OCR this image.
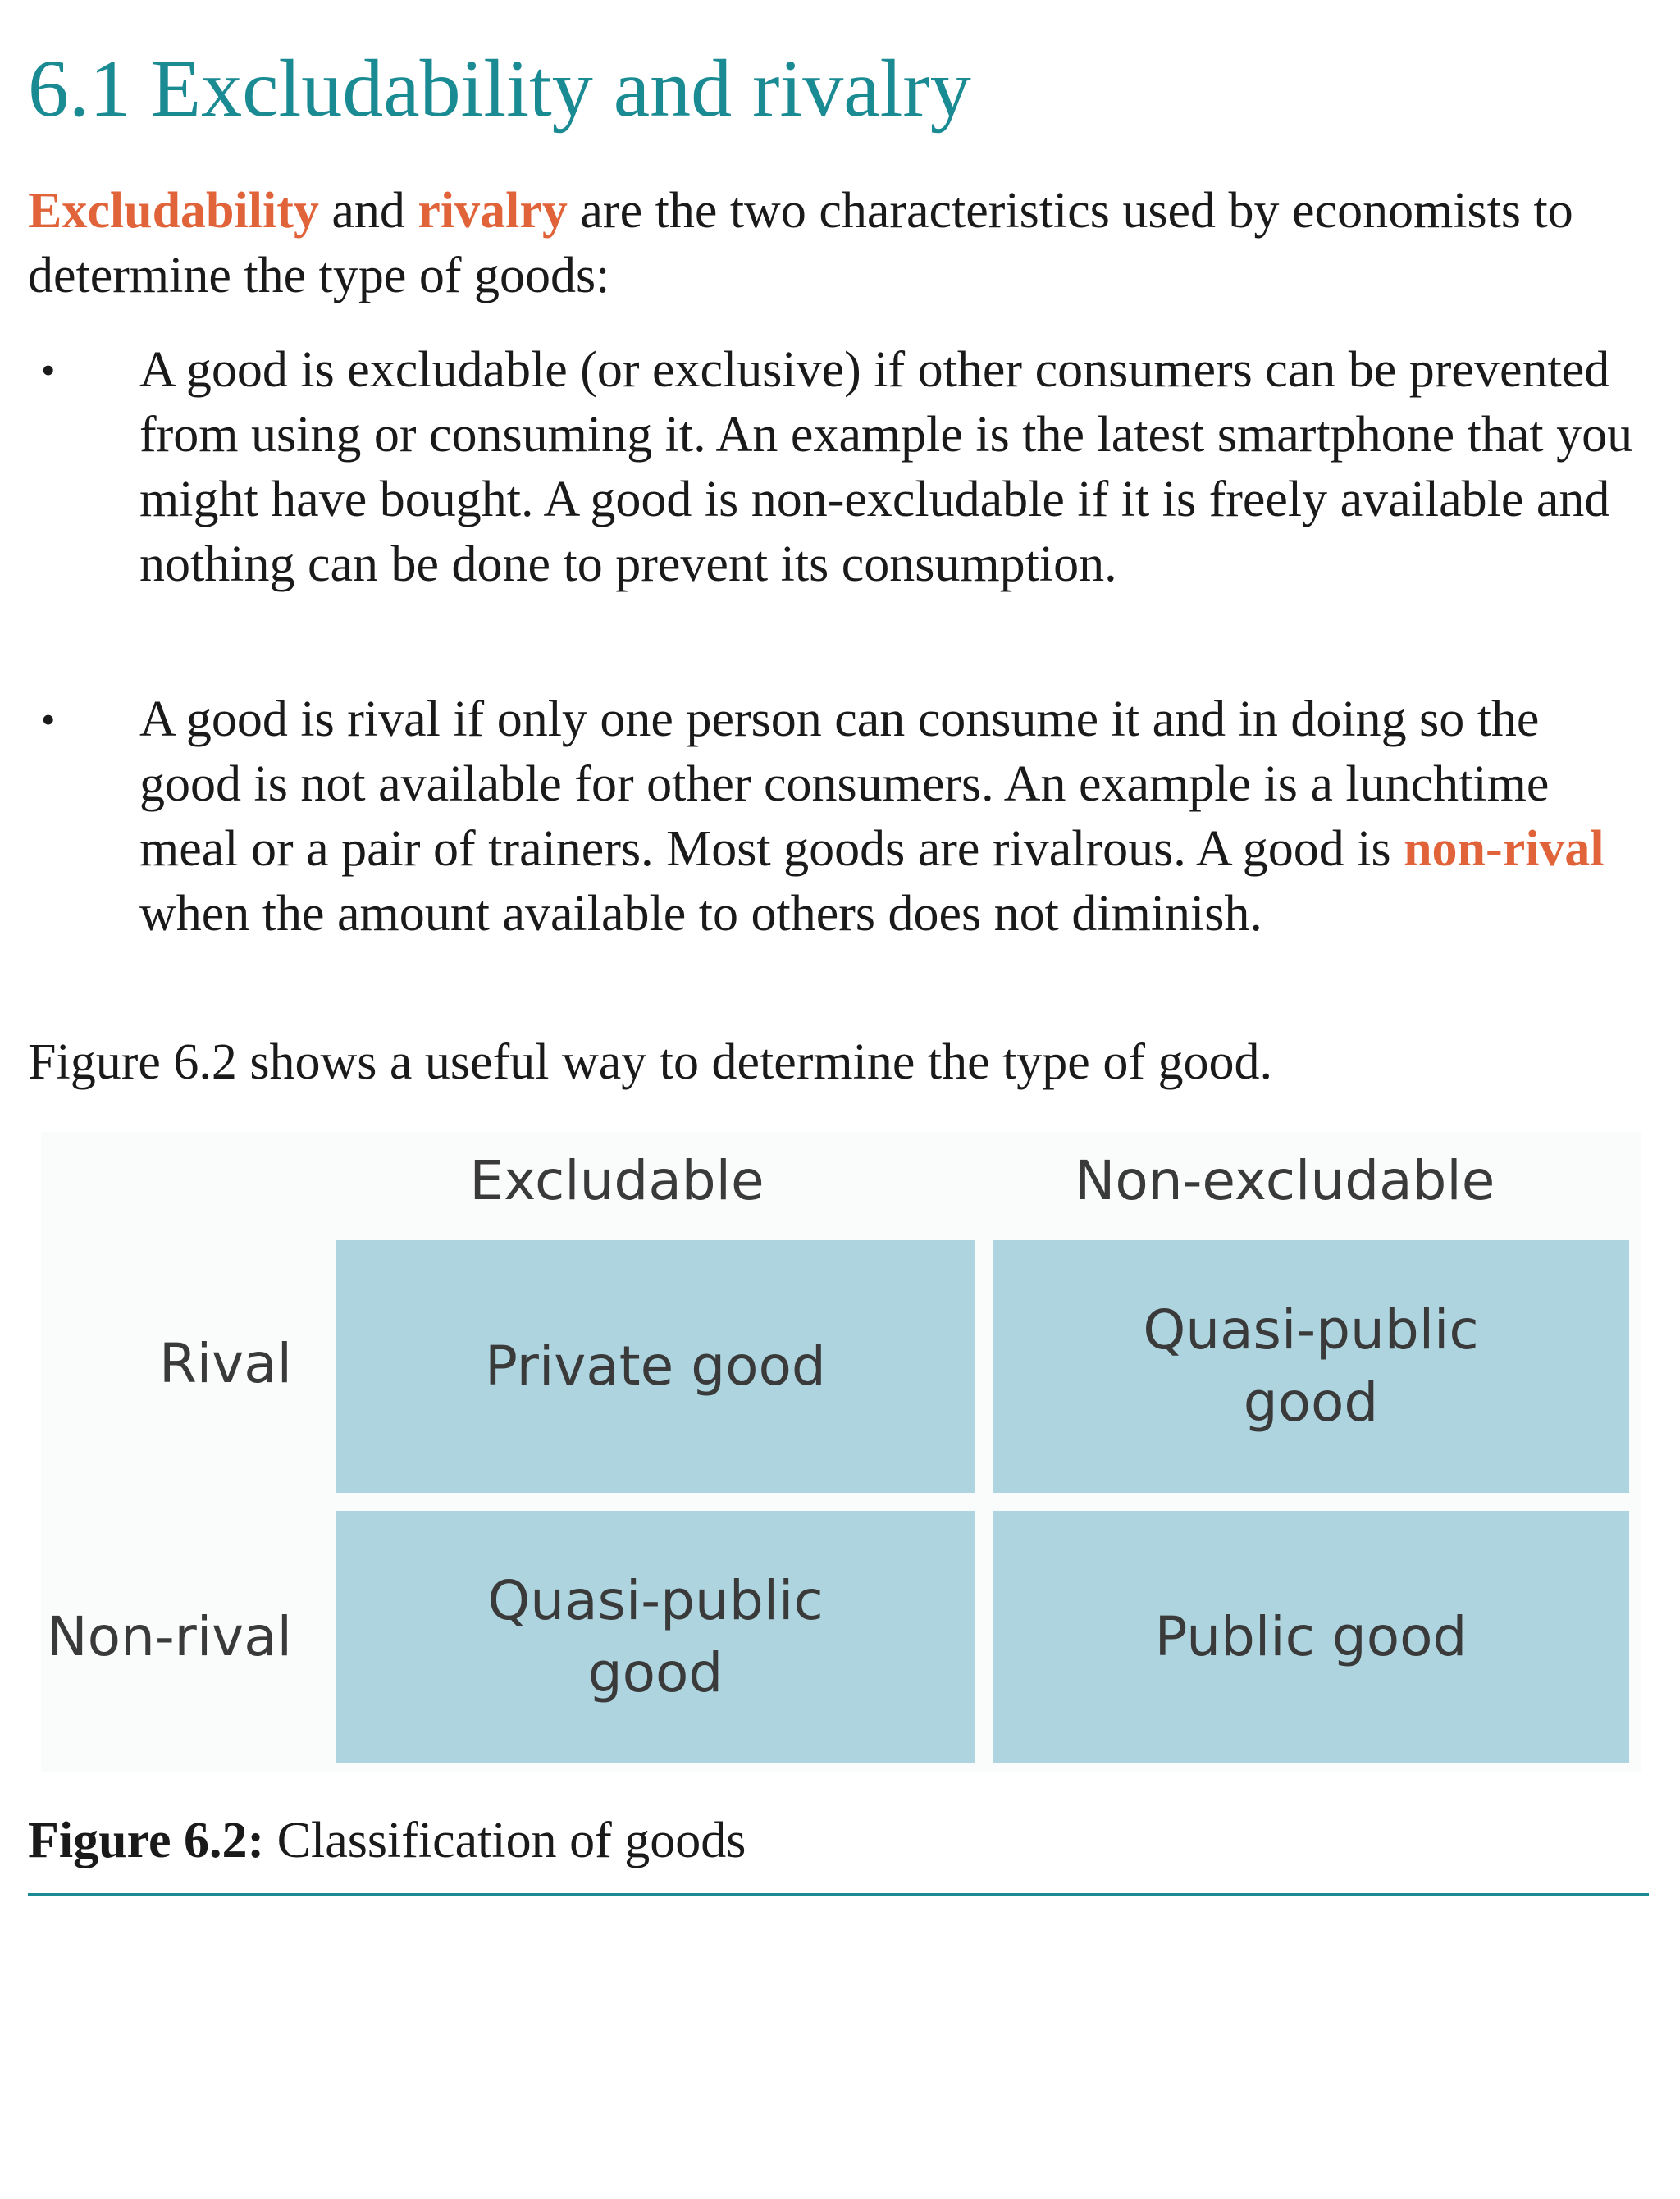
6.1 Excludability and rivalry

Excludability and rivalry are the two characteristics used by economists to determine the type of goods:

• A good is excludable (or exclusive) if other consumers can be prevented from using or consuming it. An example is the latest smartphone that you might have bought. A good is non-excludable if it is freely available and nothing can be done to prevent its consumption.

• A good is rival if only one person can consume it and in doing so the good is not available for other consumers. An example is a lunchtime meal or a pair of trainers. Most goods are rivalrous. A good is non-rival when the amount available to others does not diminish.

Figure 6.2 shows a useful way to determine the type of good.

Excludable	Non-excludable
Rival
Non-rival
Private good
Quasi-public good
Quasi-public good
Public good

Figure 6.2: Classification of goods
